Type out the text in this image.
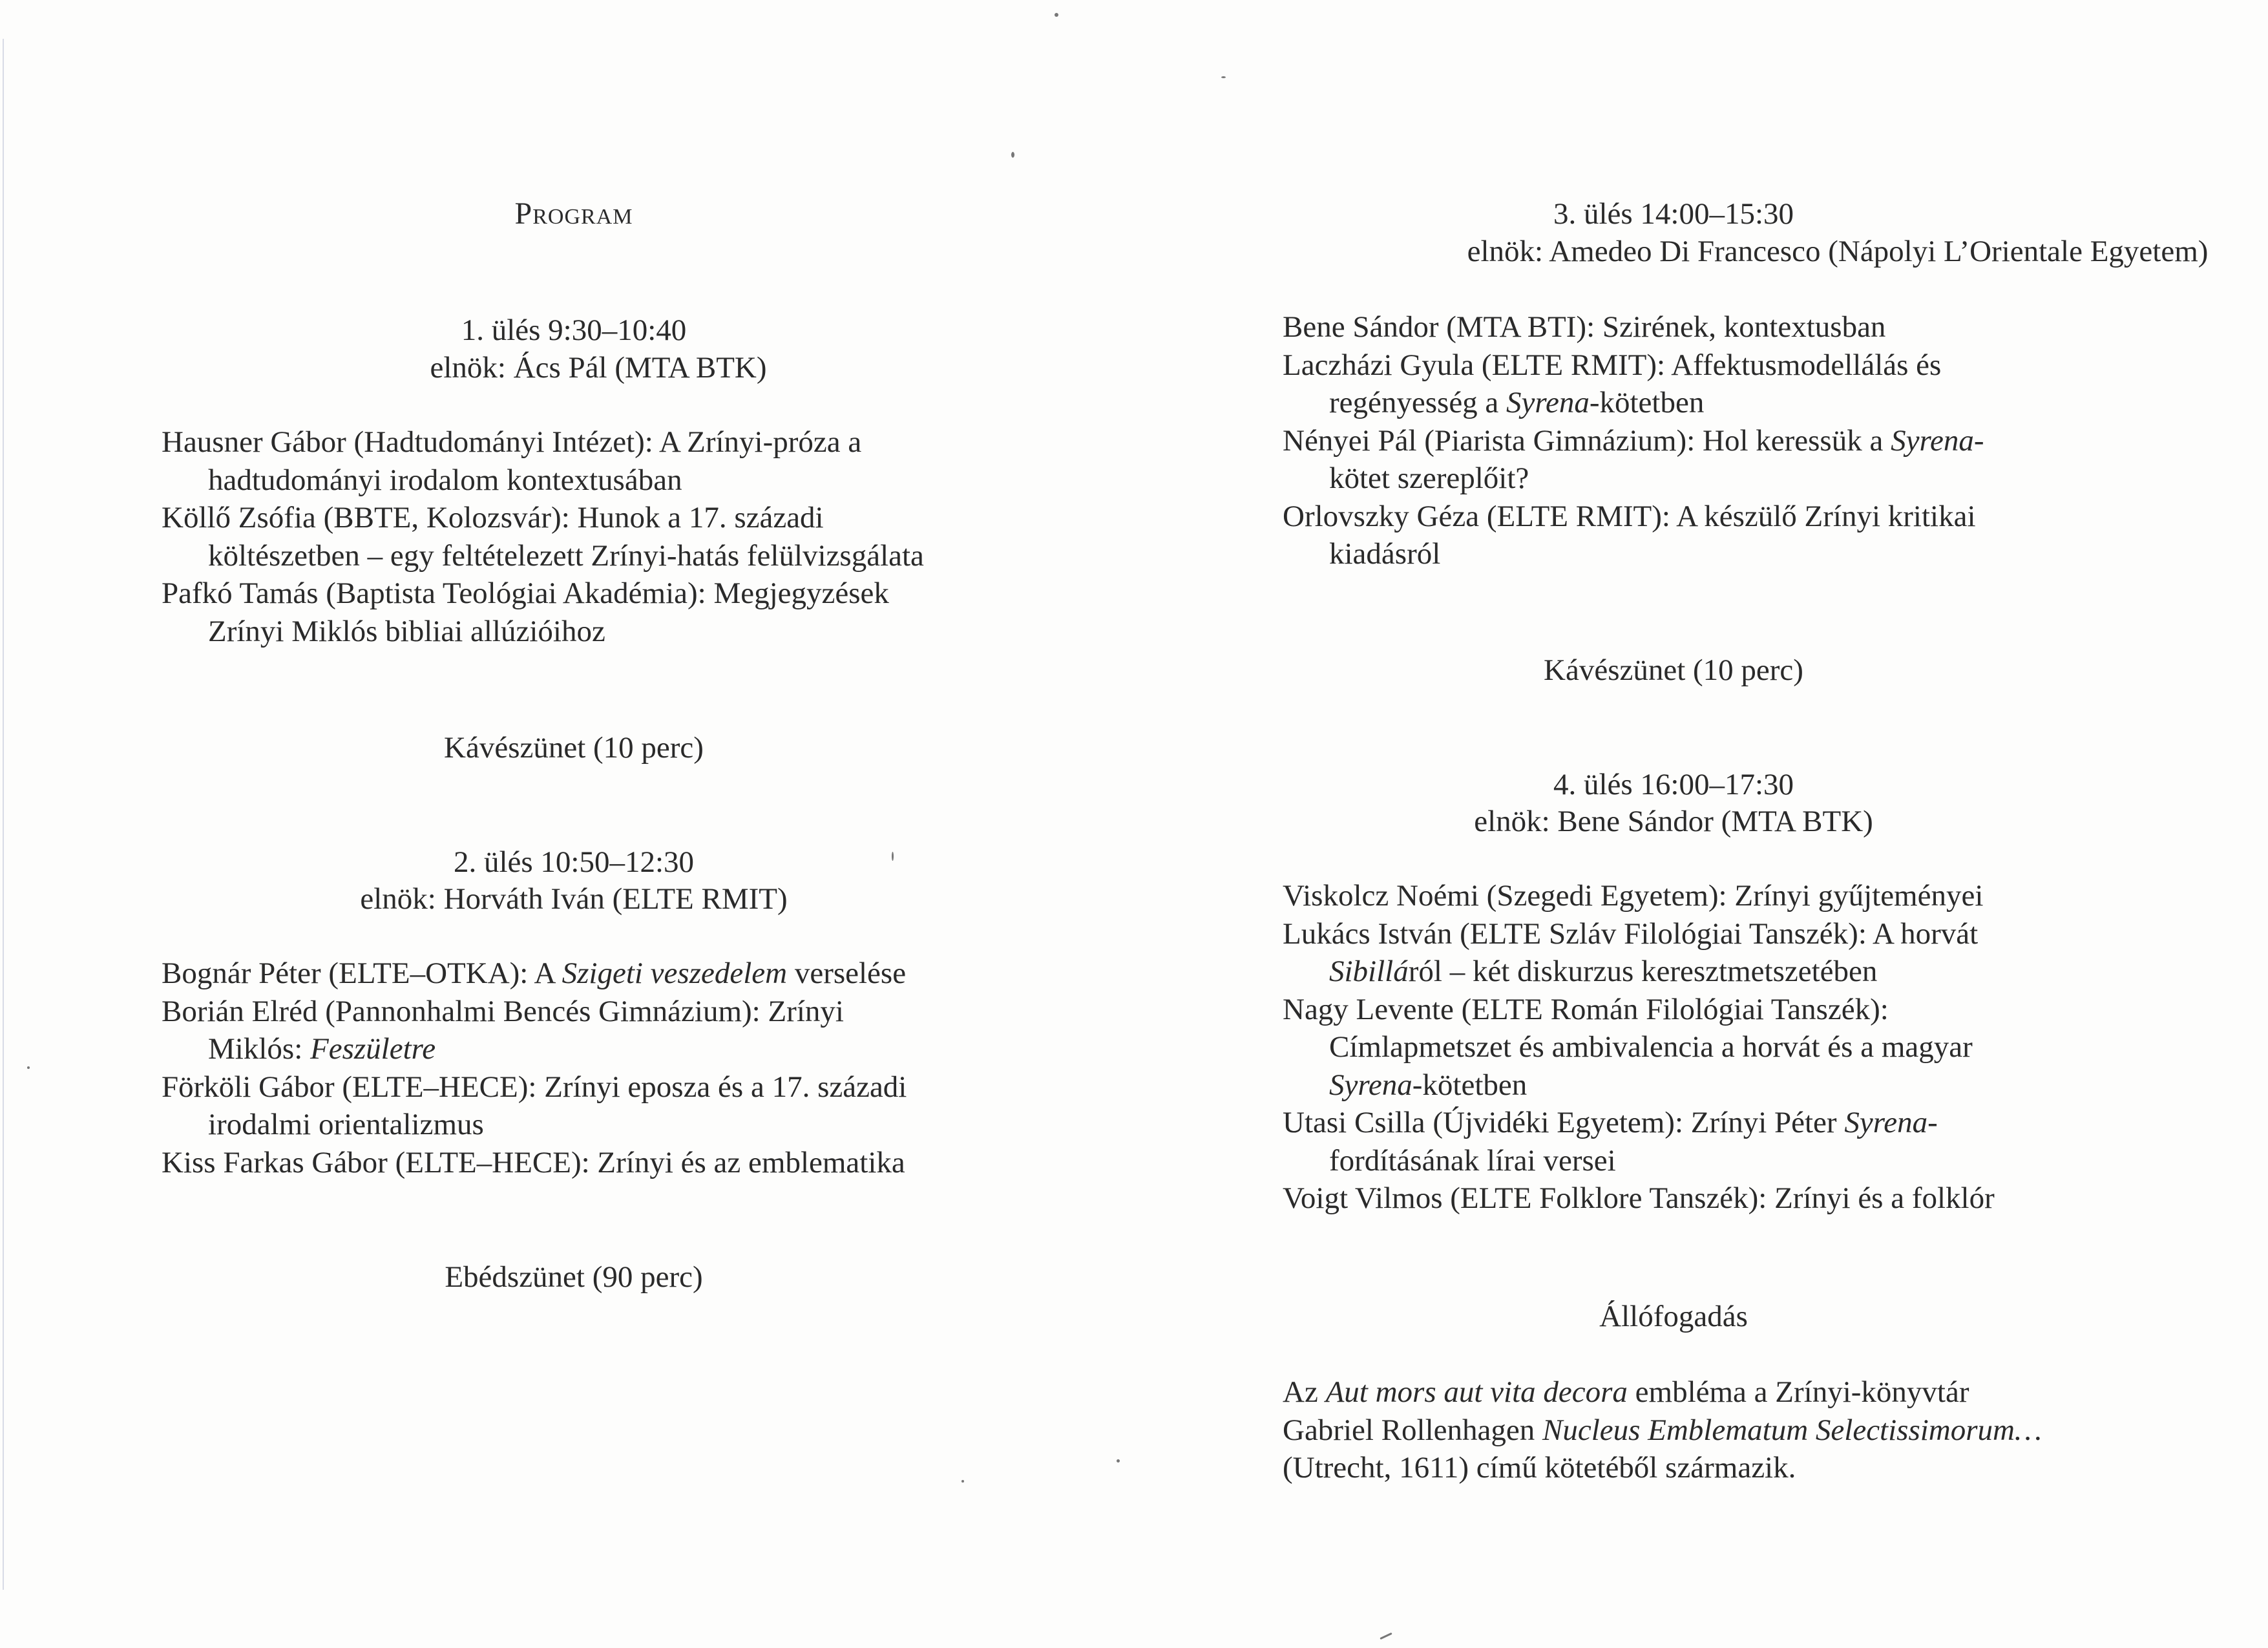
Program
1. ülés 9:30–10:40
elnök: Ács Pál (MTA BTK)
Hausner Gábor (Hadtudományi Intézet): A Zrínyi-próza a
hadtudományi irodalom kontextusában
Köllő Zsófia (BBTE, Kolozsvár): Hunok a 17. századi
költészetben – egy feltételezett Zrínyi-hatás felülvizsgálata
Pafkó Tamás (Baptista Teológiai Akadémia): Megjegyzések
Zrínyi Miklós bibliai allúzióihoz
Kávészünet (10 perc)
2. ülés 10:50–12:30
elnök: Horváth Iván (ELTE RMIT)
Bognár Péter (ELTE–OTKA): A Szigeti veszedelem verselése
Borián Elréd (Pannonhalmi Bencés Gimnázium): Zrínyi
Miklós: Feszületre
Förköli Gábor (ELTE–HECE): Zrínyi eposza és a 17. századi
irodalmi orientalizmus
Kiss Farkas Gábor (ELTE–HECE): Zrínyi és az emblematika
Ebédszünet (90 perc)
3. ülés 14:00–15:30
elnök: Amedeo Di Francesco (Nápolyi L’Orientale Egyetem)
Bene Sándor (MTA BTI): Szirének, kontextusban
Laczházi Gyula (ELTE RMIT): Affektusmodellálás és
regényesség a Syrena-kötetben
Nényei Pál (Piarista Gimnázium): Hol keressük a Syrena-
kötet szereplőit?
Orlovszky Géza (ELTE RMIT): A készülő Zrínyi kritikai
kiadásról
Kávészünet (10 perc)
4. ülés 16:00–17:30
elnök: Bene Sándor (MTA BTK)
Viskolcz Noémi (Szegedi Egyetem): Zrínyi gyűjteményei
Lukács István (ELTE Szláv Filológiai Tanszék): A horvát
Sibilláról – két diskurzus keresztmetszetében
Nagy Levente (ELTE Román Filológiai Tanszék):
Címlapmetszet és ambivalencia a horvát és a magyar
Syrena-kötetben
Utasi Csilla (Újvidéki Egyetem): Zrínyi Péter Syrena-
fordításának lírai versei
Voigt Vilmos (ELTE Folklore Tanszék): Zrínyi és a folklór
Állófogadás
Az Aut mors aut vita decora embléma a Zrínyi-könyvtár
Gabriel Rollenhagen Nucleus Emblematum Selectissimorum…
(Utrecht, 1611) című kötetéből származik.
